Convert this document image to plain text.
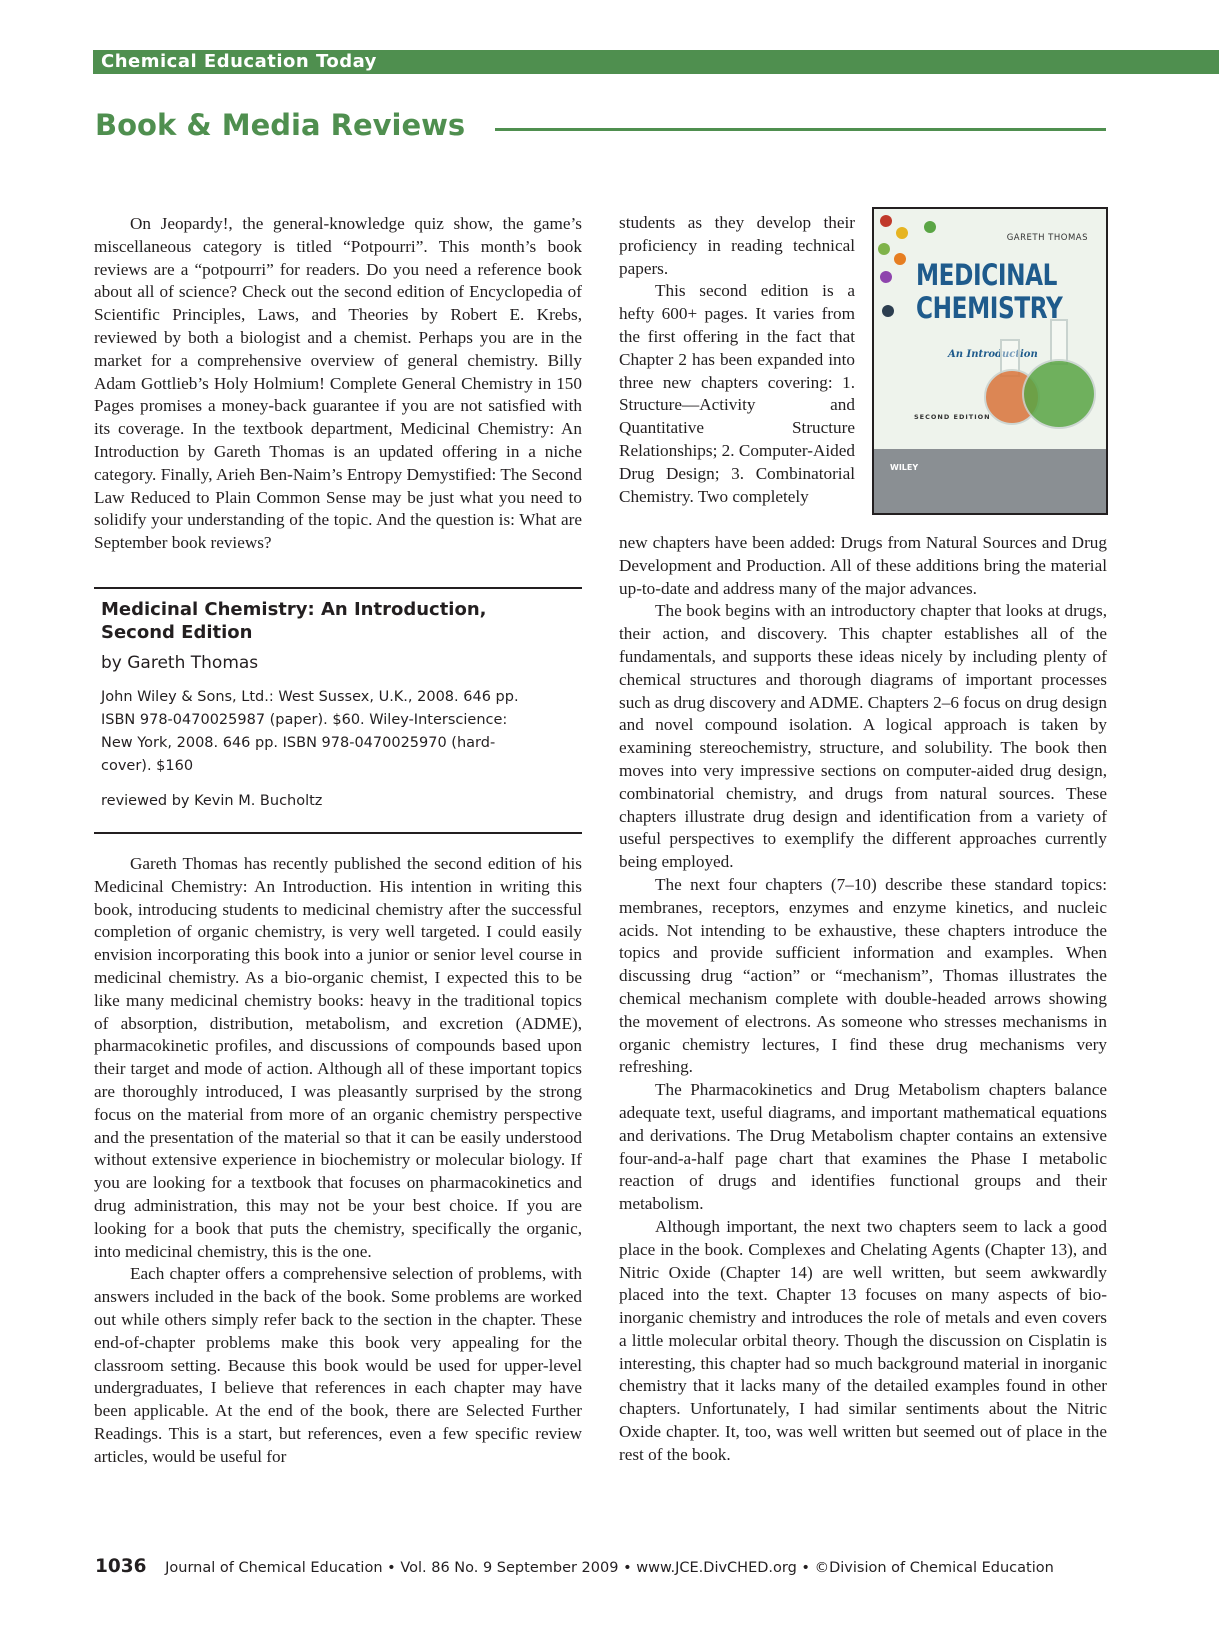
Chemical Education Today
Book & Media Reviews

On Jeopardy!, the general-knowledge quiz show, the game’s miscellaneous category is titled “Potpourri”. This month’s book reviews are a “potpourri” for readers. Do you need a reference book about all of science? Check out the second edition of Encyclopedia of Scientific Principles, Laws, and Theories by Robert E. Krebs, reviewed by both a biologist and a chemist. Perhaps you are in the market for a comprehensive overview of general chemistry. Billy Adam Gottlieb’s Holy Holmium! Complete General Chemistry in 150 Pages promises a money-back guarantee if you are not satisfied with its coverage. In the textbook department, Medicinal Chemistry: An Introduction by Gareth Thomas is an updated offering in a niche category. Finally, Arieh Ben-Naim’s Entropy Demystified: The Second Law Reduced to Plain Common Sense may be just what you need to solidify your understanding of the topic. And the question is: What are September book reviews?

Medicinal Chemistry: An Introduction,
Second Edition
by Gareth Thomas
John Wiley & Sons, Ltd.: West Sussex, U.K., 2008. 646 pp.
ISBN 978-0470025987 (paper). $60. Wiley-Interscience:
New York, 2008. 646 pp. ISBN 978-0470025970 (hard-
cover). $160
reviewed by Kevin M. Bucholtz

Gareth Thomas has recently published the second edition of his Medicinal Chemistry: An Introduction. His intention in writing this book, introducing students to medicinal chemistry after the successful completion of organic chemistry, is very well targeted. I could easily envision incorporating this book into a junior or senior level course in medicinal chemistry. As a bio-organic chemist, I expected this to be like many medicinal chemistry books: heavy in the traditional topics of absorption, distribution, metabolism, and excretion (ADME), pharmacokinetic profiles, and discussions of compounds based upon their target and mode of action. Although all of these important topics are thoroughly introduced, I was pleasantly surprised by the strong focus on the material from more of an organic chemistry perspective and the presentation of the material so that it can be easily understood without extensive experience in biochemistry or molecular biology. If you are looking for a textbook that focuses on pharmacokinetics and drug administration, this may not be your best choice. If you are looking for a book that puts the chemistry, specifically the organic, into medicinal chemistry, this is the one.

Each chapter offers a comprehensive selection of problems, with answers included in the back of the book. Some problems are worked out while others simply refer back to the section in the chapter. These end-of-chapter problems make this book very appealing for the classroom setting. Because this book would be used for upper-level undergraduates, I believe that references in each chapter may have been applicable. At the end of the book, there are Selected Further Readings. This is a start, but references, even a few specific review articles, would be useful for

students as they develop their proficiency in reading technical papers.

This second edition is a hefty 600+ pages. It varies from the first offering in the fact that Chapter 2 has been expanded into three new chapters covering: 1. Structure—Activity and Quantitative Structure Relationships; 2. Computer-Aided Drug Design; 3. Combinatorial Chemistry. Two completely

GARETH THOMAS
MEDICINAL
CHEMISTRY
An Introduction
SECOND EDITION
WILEY

new chapters have been added: Drugs from Natural Sources and Drug Development and Production. All of these additions bring the material up-to-date and address many of the major advances.

The book begins with an introductory chapter that looks at drugs, their action, and discovery. This chapter establishes all of the fundamentals, and supports these ideas nicely by including plenty of chemical structures and thorough diagrams of important processes such as drug discovery and ADME. Chapters 2–6 focus on drug design and novel compound isolation. A logical approach is taken by examining stereochemistry, structure, and solubility. The book then moves into very impressive sections on computer-aided drug design, combinatorial chemistry, and drugs from natural sources. These chapters illustrate drug design and identification from a variety of useful perspectives to exemplify the different approaches currently being employed.

The next four chapters (7–10) describe these standard topics: membranes, receptors, enzymes and enzyme kinetics, and nucleic acids. Not intending to be exhaustive, these chapters introduce the topics and provide sufficient information and examples. When discussing drug “action” or “mechanism”, Thomas illustrates the chemical mechanism complete with double-headed arrows showing the movement of electrons. As someone who stresses mechanisms in organic chemistry lectures, I find these drug mechanisms very refreshing.

The Pharmacokinetics and Drug Metabolism chapters balance adequate text, useful diagrams, and important mathematical equations and derivations. The Drug Metabolism chapter contains an extensive four-and-a-half page chart that examines the Phase I metabolic reaction of drugs and identifies functional groups and their metabolism.

Although important, the next two chapters seem to lack a good place in the book. Complexes and Chelating Agents (Chapter 13), and Nitric Oxide (Chapter 14) are well written, but seem awkwardly placed into the text. Chapter 13 focuses on many aspects of bio-inorganic chemistry and introduces the role of metals and even covers a little molecular orbital theory. Though the discussion on Cisplatin is interesting, this chapter had so much background material in inorganic chemistry that it lacks many of the detailed examples found in other chapters. Unfortunately, I had similar sentiments about the Nitric Oxide chapter. It, too, was well written but seemed out of place in the rest of the book.

1036 Journal of Chemical Education • Vol. 86 No. 9 September 2009 • www.JCE.DivCHED.org • ©Division of Chemical Education
